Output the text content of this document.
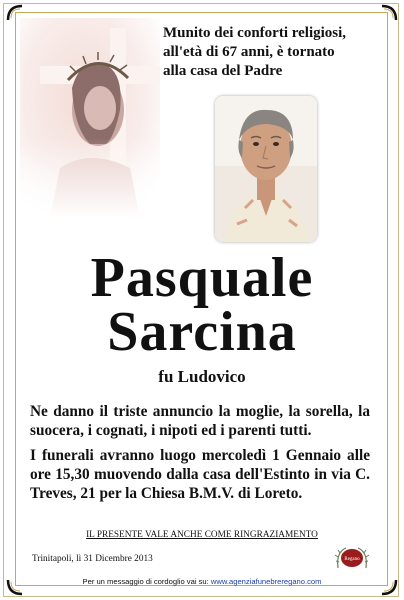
Munito dei conforti religiosi,

all'età di 67 anni, è tornato

alla casa del Padre

Pasquale
Sarcina
fu Ludovico
Ne danno il triste annuncio la moglie, la sorella, la suocera, i cognati, i nipoti ed i parenti tutti.
I funerali avranno luogo mercoledì 1 Gennaio alle ore 15,30 muovendo dalla casa dell'Estinto in via C. Treves, 21 per la Chiesa B.M.V. di Loreto.
IL PRESENTE VALE ANCHE COME RINGRAZIAMENTO
Trinitapoli, lì 31 Dicembre 2013	Regano
Per un messaggio di cordoglio vai su: www.agenziafunebreregano.com
